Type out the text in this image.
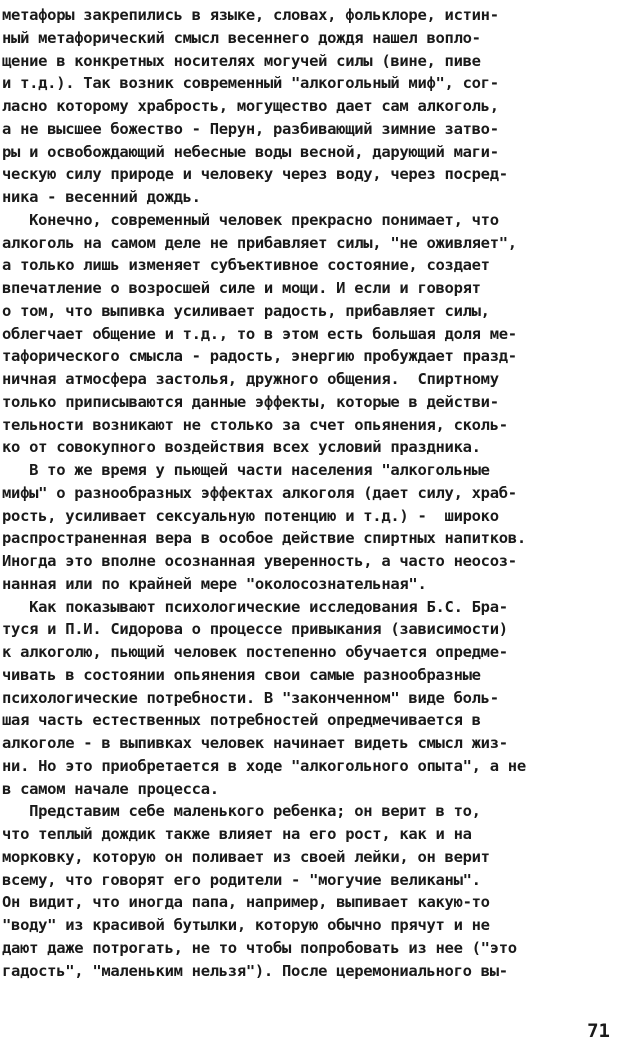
метафоры закрепились в языке, словах, фольклоре, истин-
ный метафорический смысл весеннего дождя нашел вопло-
щение в конкретных носителях могучей силы (вине, пиве
и т.д.). Так возник современный "алкогольный миф", сог-
ласно которому храбрость, могущество дает сам алкоголь,
а не высшее божество - Перун, разбивающий зимние затво-
ры и освобождающий небесные воды весной, дарующий маги-
ческую силу природе и человеку через воду, через посред-
ника - весенний дождь.
Конечно, современный человек прекрасно понимает, что
алкоголь на самом деле не прибавляет силы, "не оживляет",
а только лишь изменяет субъективное состояние, создает
впечатление о возросшей силе и мощи. И если и говорят
о том, что выпивка усиливает радость, прибавляет силы,
облегчает общение и т.д., то в этом есть большая доля ме-
тафорического смысла - радость, энергию пробуждает празд-
ничная атмосфера застолья, дружного общения.  Спиртному
только приписываются данные эффекты, которые в действи-
тельности возникают не столько за счет опьянения, сколь-
ко от совокупного воздействия всех условий праздника.
В то же время у пьющей части населения "алкогольные
мифы" о разнообразных эффектах алкоголя (дает силу, храб-
рость, усиливает сексуальную потенцию и т.д.) -  широко
распространенная вера в особое действие спиртных напитков.
Иногда это вполне осознанная уверенность, а часто неосоз-
нанная или по крайней мере "околосознательная".
Как показывают психологические исследования Б.С. Бра-
туся и П.И. Сидорова о процессе привыкания (зависимости)
к алкоголю, пьющий человек постепенно обучается опредме-
чивать в состоянии опьянения свои самые разнообразные
психологические потребности. В "законченном" виде боль-
шая часть естественных потребностей опредмечивается в
алкоголе - в выпивках человек начинает видеть смысл жиз-
ни. Но это приобретается в ходе "алкогольного опыта", а не
в самом начале процесса.
Представим себе маленького ребенка; он верит в то,
что теплый дождик также влияет на его рост, как и на
морковку, которую он поливает из своей лейки, он верит
всему, что говорят его родители - "могучие великаны".
Он видит, что иногда папа, например, выпивает какую-то
"воду" из красивой бутылки, которую обычно прячут и не
дают даже потрогать, не то чтобы попробовать из нее ("это
гадость", "маленьким нельзя"). После церемониального вы-
71
